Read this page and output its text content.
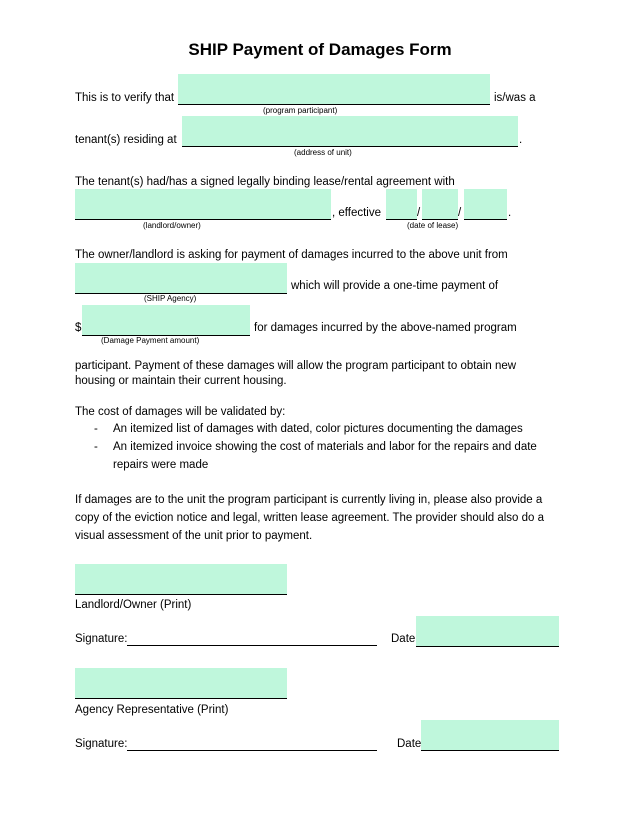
SHIP Payment of Damages Form
This is to verify that	is/was a
(program participant)
tenant(s) residing at	.
(address of unit)
The tenant(s) had/has a signed legally binding lease/rental agreement with
, effective	/	/	.
(landlord/owner)	(date of lease)
The owner/landlord is asking for payment of damages incurred to the above unit from
which will provide a one-time payment of
(SHIP Agency)
$	for damages incurred by the above-named program
(Damage Payment amount)
participant. Payment of these damages will allow the program participant to obtain new
housing or maintain their current housing.
The cost of damages will be validated by:
- An itemized list of damages with dated, color pictures documenting the damages
- An itemized invoice showing the cost of materials and labor for the repairs and date
repairs were made
If damages are to the unit the program participant is currently living in, please also provide a
copy of the eviction notice and legal, written lease agreement. The provider should also do a
visual assessment of the unit prior to payment.
Landlord/Owner (Print)
Signature:	Date
Agency Representative (Print)
Signature:	Date
